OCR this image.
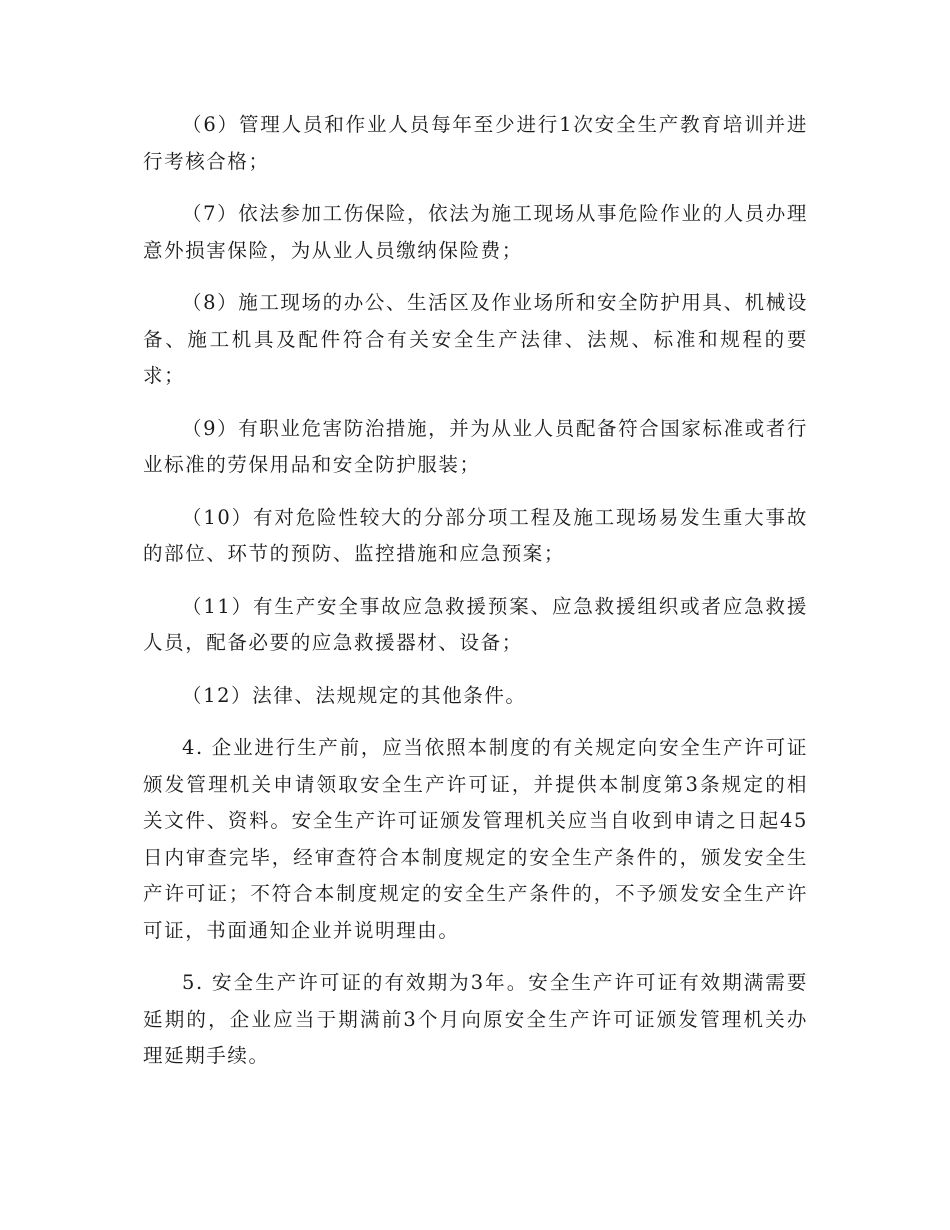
（6）管理人员和作业人员每年至少进行1次安全生产教育培训并进行考核合格；

（7）依法参加工伤保险，依法为施工现场从事危险作业的人员办理意外损害保险，为从业人员缴纳保险费；

（8）施工现场的办公、生活区及作业场所和安全防护用具、机械设备、施工机具及配件符合有关安全生产法律、法规、标准和规程的要求；

（9）有职业危害防治措施，并为从业人员配备符合国家标准或者行业标准的劳保用品和安全防护服装；

（10）有对危险性较大的分部分项工程及施工现场易发生重大事故的部位、环节的预防、监控措施和应急预案；

（11）有生产安全事故应急救援预案、应急救援组织或者应急救援人员，配备必要的应急救援器材、设备；

（12）法律、法规规定的其他条件。

4. 企业进行生产前，应当依照本制度的有关规定向安全生产许可证颁发管理机关申请领取安全生产许可证，并提供本制度第3条规定的相关文件、资料。安全生产许可证颁发管理机关应当自收到申请之日起45日内审查完毕，经审查符合本制度规定的安全生产条件的，颁发安全生产许可证；不符合本制度规定的安全生产条件的，不予颁发安全生产许可证，书面通知企业并说明理由。

5. 安全生产许可证的有效期为3年。安全生产许可证有效期满需要延期的，企业应当于期满前3个月向原安全生产许可证颁发管理机关办理延期手续。
